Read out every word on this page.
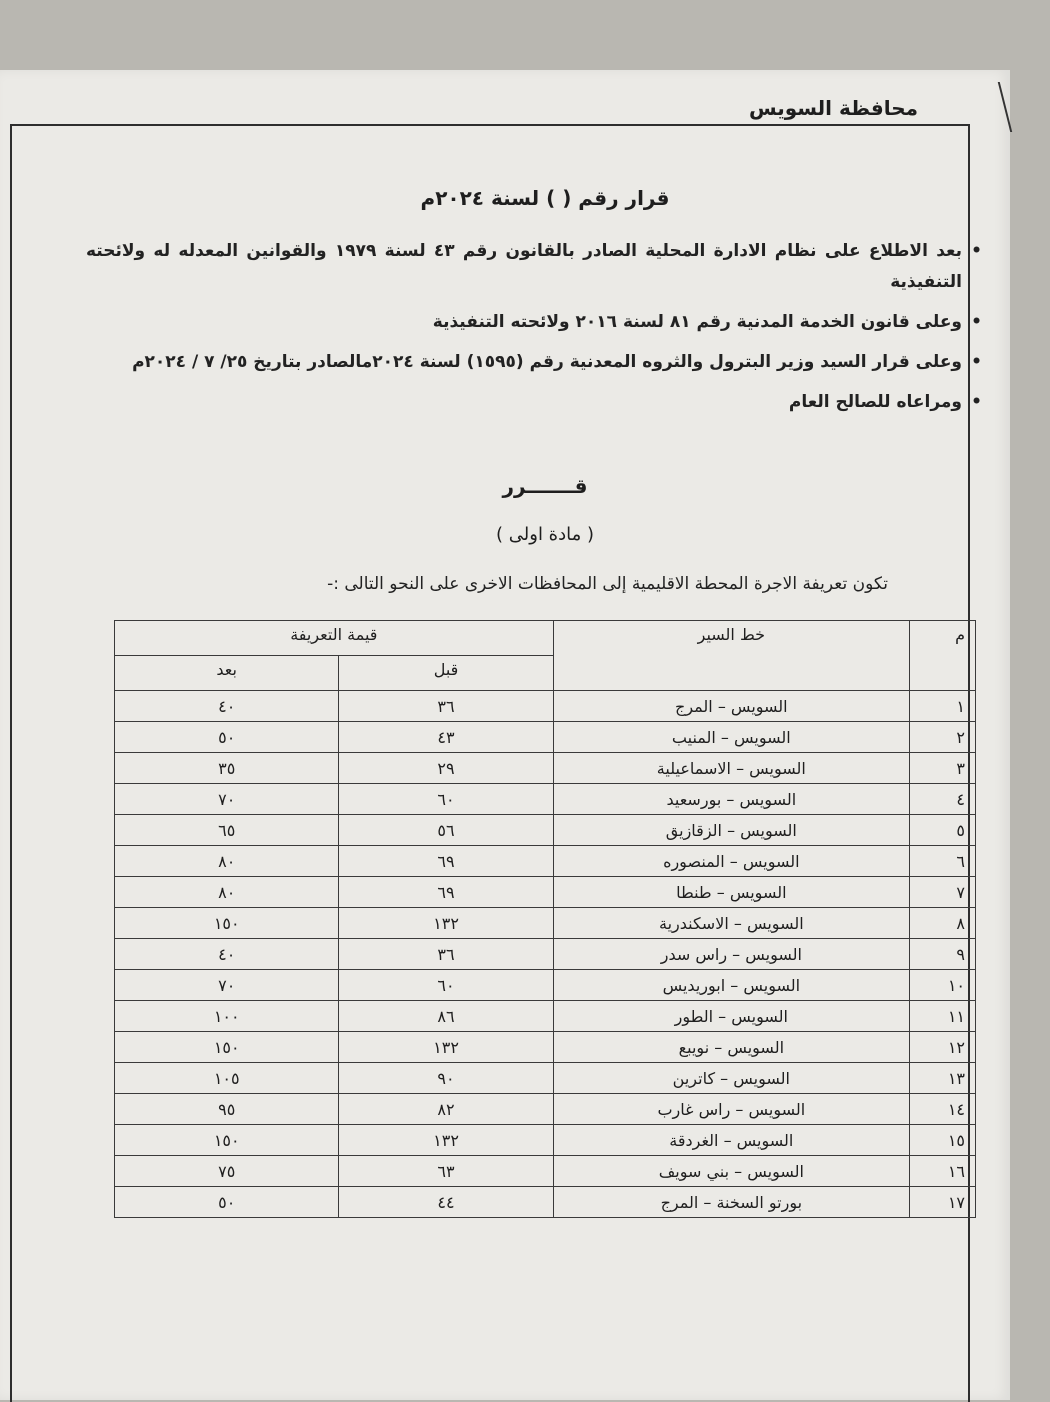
محافظة السويس
قرار رقم ( ) لسنة ٢٠٢٤م
•
بعد الاطلاع على نظام الادارة المحلية الصادر بالقانون رقم ٤٣ لسنة ١٩٧٩ والقوانين المعدله له ولائحته التنفيذية
•
وعلى قانون الخدمة المدنية رقم ٨١ لسنة ٢٠١٦ ولائحته التنفيذية
•
وعلى قرار السيد وزير البترول والثروه المعدنية رقم (١٥٩٥) لسنة ٢٠٢٤مالصادر بتاريخ ٢٥/ ٧ / ٢٠٢٤م
•
ومراعاه للصالح العام
قـــــــرر
( مادة اولى )
تكون تعريفة الاجرة المحطة الاقليمية إلى المحافظات الاخرى على النحو التالى :-
م	خط السير	قيمة التعريفة	
		قبل	بعد
١	السويس – المرج	٣٦	٤٠
٢	السويس – المنيب	٤٣	٥٠
٣	السويس – الاسماعيلية	٢٩	٣٥
٤	السويس – بورسعيد	٦٠	٧٠
٥	السويس – الزقازيق	٥٦	٦٥
٦	السويس – المنصوره	٦٩	٨٠
٧	السويس – طنطا	٦٩	٨٠
٨	السويس – الاسكندرية	١٣٢	١٥٠
٩	السويس – راس سدر	٣٦	٤٠
١٠	السويس – ابوريديس	٦٠	٧٠
١١	السويس – الطور	٨٦	١٠٠
١٢	السويس – نويبع	١٣٢	١٥٠
١٣	السويس – كاترين	٩٠	١٠٥
١٤	السويس – راس غارب	٨٢	٩٥
١٥	السويس – الغردقة	١٣٢	١٥٠
١٦	السويس – بني سويف	٦٣	٧٥
١٧	بورتو السخنة – المرج	٤٤	٥٠
